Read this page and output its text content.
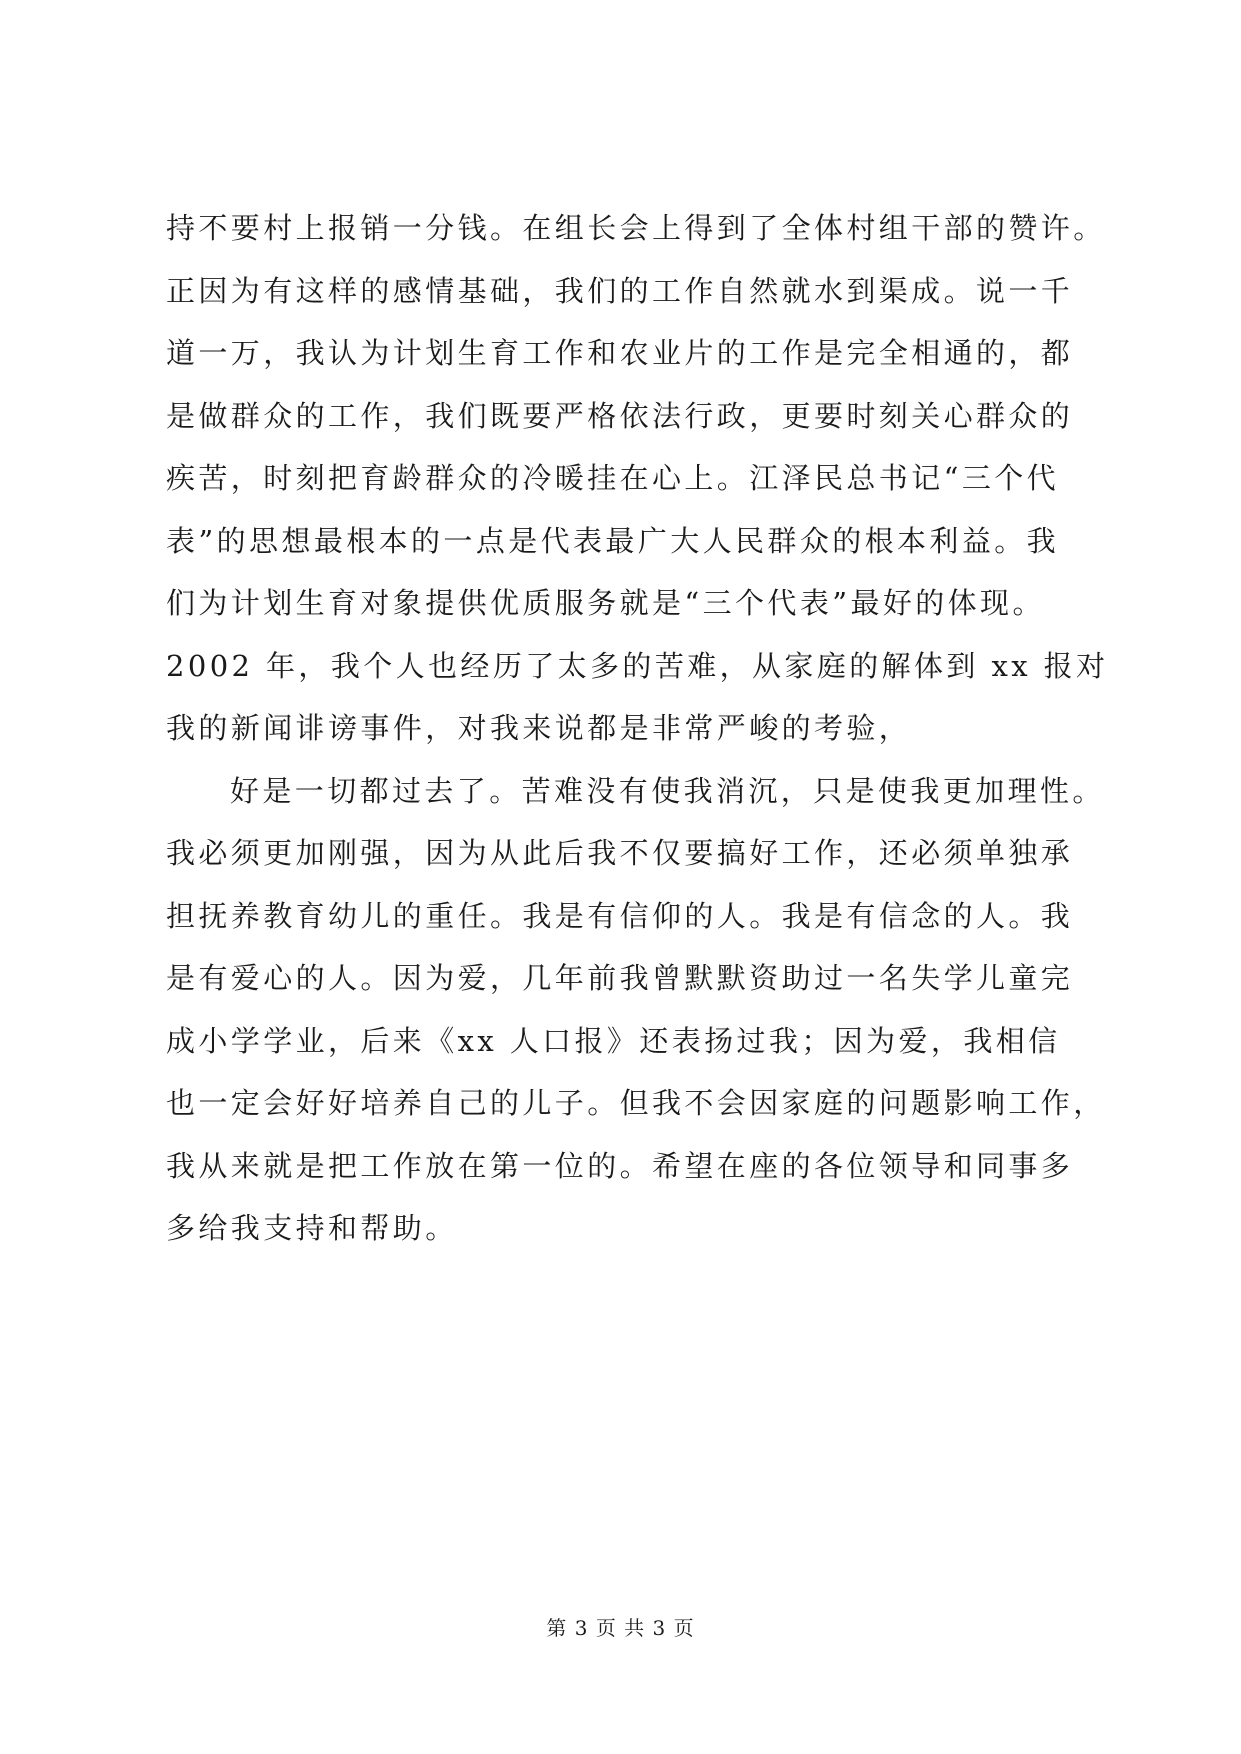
持不要村上报销一分钱。在组长会上得到了全体村组干部的赞许。
正因为有这样的感情基础，我们的工作自然就水到渠成。说一千
道一万，我认为计划生育工作和农业片的工作是完全相通的，都
是做群众的工作，我们既要严格依法行政，更要时刻关心群众的
疾苦，时刻把育龄群众的冷暖挂在心上。江泽民总书记“三个代
表”的思想最根本的一点是代表最广大人民群众的根本利益。我
们为计划生育对象提供优质服务就是“三个代表”最好的体现。
2002 年，我个人也经历了太多的苦难，从家庭的解体到 xx 报对
我的新闻诽谤事件，对我来说都是非常严峻的考验，
好是一切都过去了。苦难没有使我消沉，只是使我更加理性。
我必须更加刚强，因为从此后我不仅要搞好工作，还必须单独承
担抚养教育幼儿的重任。我是有信仰的人。我是有信念的人。我
是有爱心的人。因为爱，几年前我曾默默资助过一名失学儿童完
成小学学业，后来《xx 人口报》还表扬过我；因为爱，我相信
也一定会好好培养自己的儿子。但我不会因家庭的问题影响工作，
我从来就是把工作放在第一位的。希望在座的各位领导和同事多
多给我支持和帮助。
第 3 页 共 3 页
